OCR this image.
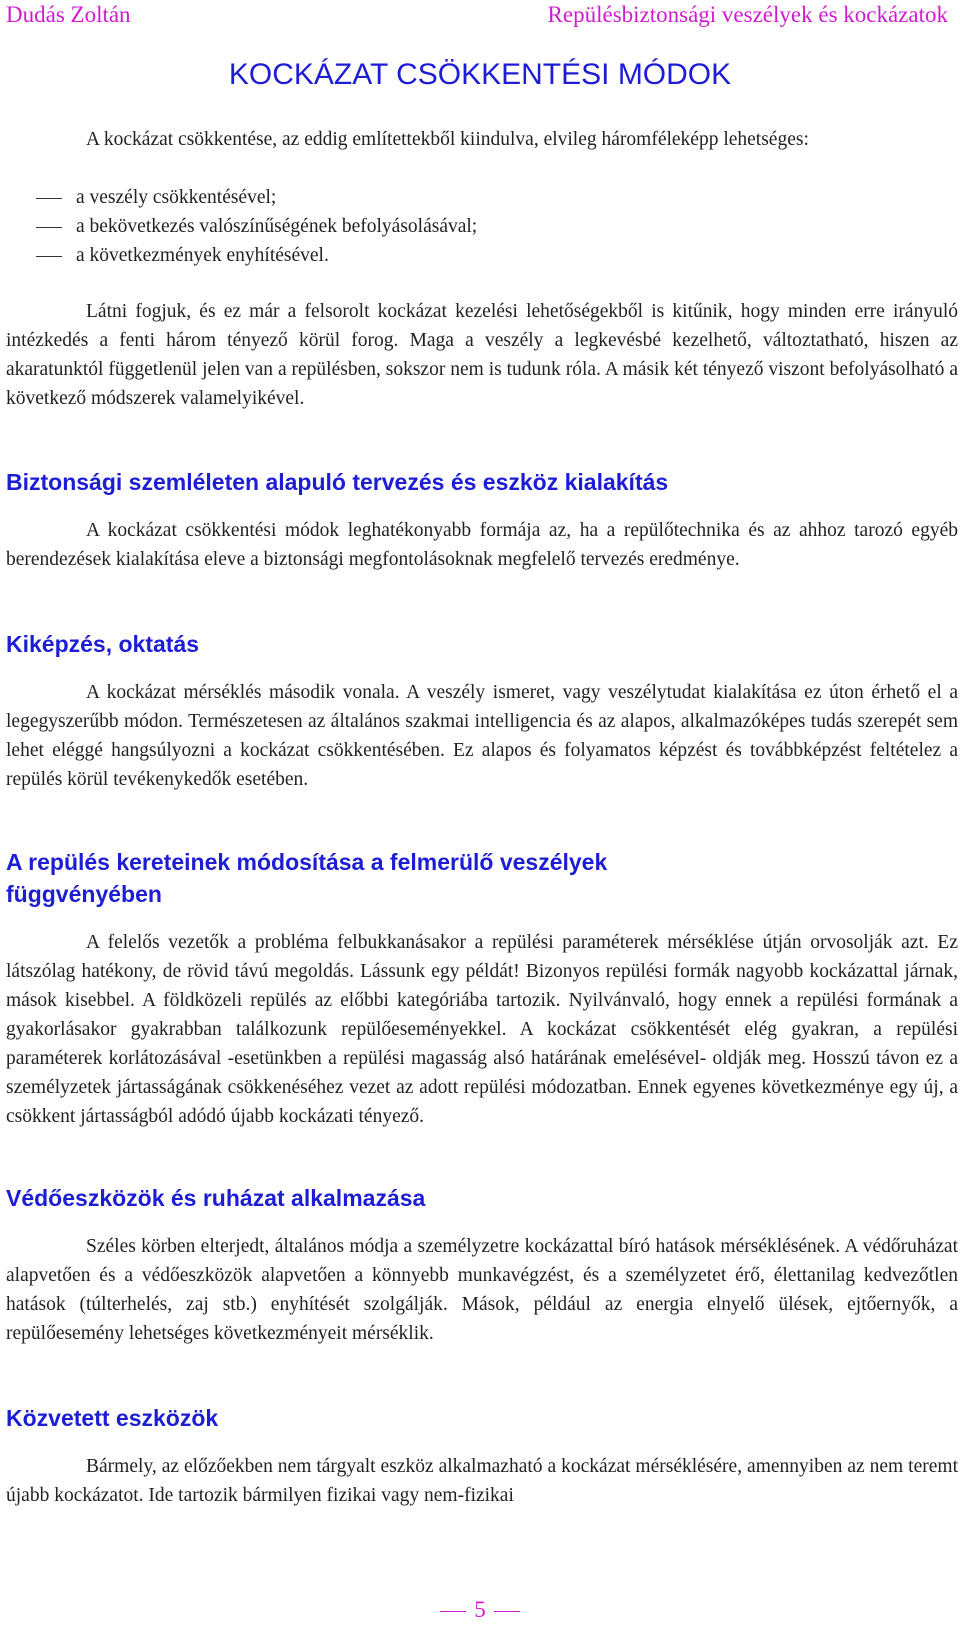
Dudás Zoltán	Repülésbiztonsági veszélyek és kockázatok
KOCKÁZAT CSÖKKENTÉSI MÓDOK

A kockázat csökkentése, az eddig említettekből kiindulva, elvileg háromféleképp lehetséges:

a veszély csökkentésével;
a bekövetkezés valószínűségének befolyásolásával;
a következmények enyhítésével.

Látni fogjuk, és ez már a felsorolt kockázat kezelési lehetőségekből is kitűnik, hogy minden erre irányuló intézkedés a fenti három tényező körül forog. Maga a veszély a legkevésbé kezelhető, változtatható, hiszen az akaratunktól függetlenül jelen van a repülésben, sokszor nem is tudunk róla. A másik két tényező viszont befolyásolható a következő módszerek valamelyikével.

Biztonsági szemléleten alapuló tervezés és eszköz kialakítás

A kockázat csökkentési módok leghatékonyabb formája az, ha a repülőtechnika és az ahhoz tarozó egyéb berendezések kialakítása eleve a biztonsági megfontolásoknak megfelelő tervezés eredménye.

Kiképzés, oktatás

A kockázat mérséklés második vonala. A veszély ismeret, vagy veszélytudat kialakítása ez úton érhető el a legegyszerűbb módon. Természetesen az általános szakmai intelligencia és az alapos, alkalmazóképes tudás szerepét sem lehet eléggé hangsúlyozni a kockázat csökkentésében. Ez alapos és folyamatos képzést és továbbképzést feltételez a repülés körül tevékenykedők esetében.

A repülés kereteinek módosítása a felmerülő veszélyek függvényében

A felelős vezetők a probléma felbukkanásakor a repülési paraméterek mérséklése útján orvosolják azt. Ez látszólag hatékony, de rövid távú megoldás. Lássunk egy példát! Bizonyos repülési formák nagyobb kockázattal járnak, mások kisebbel. A földközeli repülés az előbbi kategóriába tartozik. Nyilvánvaló, hogy ennek a repülési formának a gyakorlásakor gyakrabban találkozunk repülőeseményekkel. A kockázat csökkentését elég gyakran, a repülési paraméterek korlátozásával -esetünkben a repülési magasság alsó határának emelésével- oldják meg. Hosszú távon ez a személyzetek jártasságának csökkenéséhez vezet az adott repülési módozatban. Ennek egyenes következménye egy új, a csökkent jártasságból adódó újabb kockázati tényező.

Védőeszközök és ruházat alkalmazása

Széles körben elterjedt, általános módja a személyzetre kockázattal bíró hatások mérséklésének. A védőruházat alapvetően és a védőeszközök alapvetően a könnyebb munkavégzést, és a személyzetet érő, élettanilag kedvezőtlen hatások (túlterhelés, zaj stb.) enyhítését szolgálják. Mások, például az energia elnyelő ülések, ejtőernyők, a repülőesemény lehetséges következményeit mérséklik.

Közvetett eszközök

Bármely, az előzőekben nem tárgyalt eszköz alkalmazható a kockázat mérséklésére, amennyiben az nem teremt újabb kockázatot. Ide tartozik bármilyen fizikai vagy nem-fizikai

5
